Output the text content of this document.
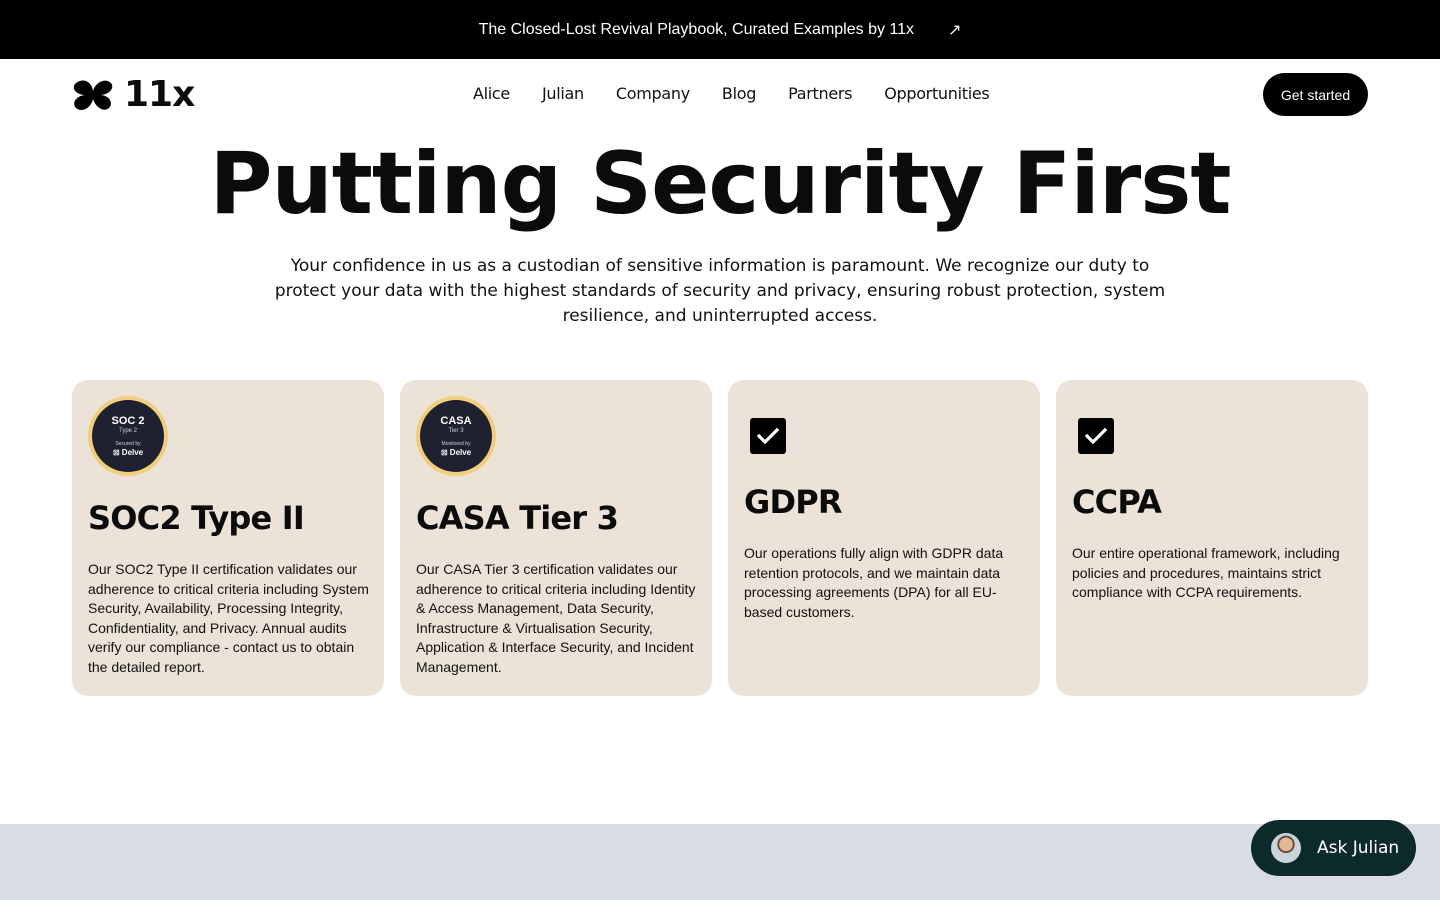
The Closed-Lost Revival Playbook, Curated Examples by 11x ↗
11x	Alice Julian Company Blog Partners Opportunities	Get started
Putting Security First

Your confidence in us as a custodian of sensitive information is paramount. We recognize our duty to protect your data with the highest standards of security and privacy, ensuring robust protection, system resilience, and uninterrupted access.

SOC 2
Type 2
Secured by
⊠ Delve
SOC2 Type II

Our SOC2 Type II certification validates our adherence to critical criteria including System Security, Availability, Processing Integrity, Confidentiality, and Privacy. Annual audits verify our compliance - contact us to obtain the detailed report.

CASA
Tier 3
Monitored by
⊠ Delve
CASA Tier 3

Our CASA Tier 3 certification validates our adherence to critical criteria including Identity & Access Management, Data Security, Infrastructure & Virtualisation Security, Application & Interface Security, and Incident Management.

GDPR

Our operations fully align with GDPR data retention protocols, and we maintain data processing agreements (DPA) for all EU-based customers.

CCPA

Our entire operational framework, including policies and procedures, maintains strict compliance with CCPA requirements.

Ask Julian
